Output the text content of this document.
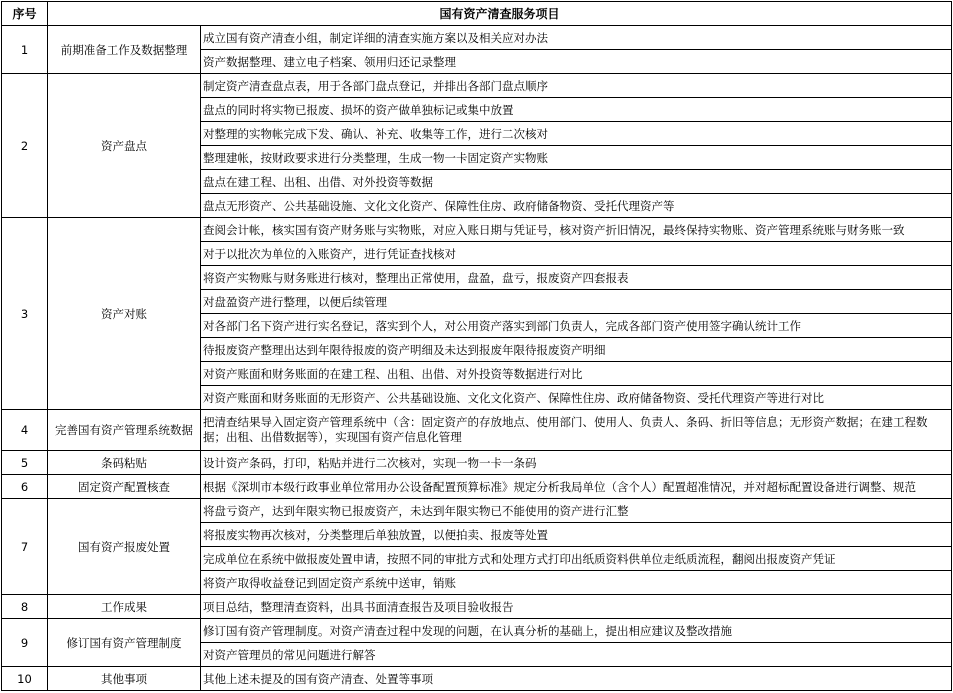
序号	国有资产清查服务项目	
1	前期准备工作及数据整理	成立国有资产清查小组，制定详细的清查实施方案以及相关应对办法
		资产数据整理、建立电子档案、领用归还记录整理
2	资产盘点	制定资产清查盘点表，用于各部门盘点登记，并排出各部门盘点顺序
		盘点的同时将实物已报废、损坏的资产做单独标记或集中放置
		对整理的实物帐完成下发、确认、补充、收集等工作，进行二次核对
		整理建帐，按财政要求进行分类整理，生成一物一卡固定资产实物账
		盘点在建工程、出租、出借、对外投资等数据
		盘点无形资产、公共基础设施、文化文化资产、保障性住房、政府储备物资、受托代理资产等
3	资产对账	查阅会计帐，核实国有资产财务账与实物账，对应入账日期与凭证号，核对资产折旧情况，最终保持实物账、资产管理系统账与财务账一致
		对于以批次为单位的入账资产，进行凭证查找核对
		将资产实物账与财务账进行核对，整理出正常使用，盘盈，盘亏，报废资产四套报表
		对盘盈资产进行整理，以便后续管理
		对各部门名下资产进行实名登记，落实到个人，对公用资产落实到部门负责人，完成各部门资产使用签字确认统计工作
		待报废资产整理出达到年限待报废的资产明细及未达到报废年限待报废资产明细
		对资产账面和财务账面的在建工程、出租、出借、对外投资等数据进行对比
		对资产账面和财务账面的无形资产、公共基础设施、文化文化资产、保障性住房、政府储备物资、受托代理资产等进行对比
4	完善国有资产管理系统数据	把清查结果导入固定资产管理系统中（含：固定资产的存放地点、使用部门、使用人、负责人、条码、折旧等信息；无形资产数据；在建工程数据；出租、出借数据等），实现国有资产信息化管理
5	条码粘贴	设计资产条码，打印，粘贴并进行二次核对，实现一物一卡一条码
6	固定资产配置核查	根据《深圳市本级行政事业单位常用办公设备配置预算标准》规定分析我局单位（含个人）配置超准情况，并对超标配置设备进行调整、规范
7	国有资产报废处置	将盘亏资产，达到年限实物已报废资产，未达到年限实物已不能使用的资产进行汇整
		将报废实物再次核对，分类整理后单独放置，以便拍卖、报废等处置
		完成单位在系统中做报废处置申请，按照不同的审批方式和处理方式打印出纸质资料供单位走纸质流程，翻阅出报废资产凭证
		将资产取得收益登记到固定资产系统中送审，销账
8	工作成果	项目总结，整理清查资料，出具书面清查报告及项目验收报告
9	修订国有资产管理制度	修订国有资产管理制度。对资产清查过程中发现的问题，在认真分析的基础上，提出相应建议及整改措施
		对资产管理员的常见问题进行解答
10	其他事项	其他上述未提及的国有资产清查、处置等事项
